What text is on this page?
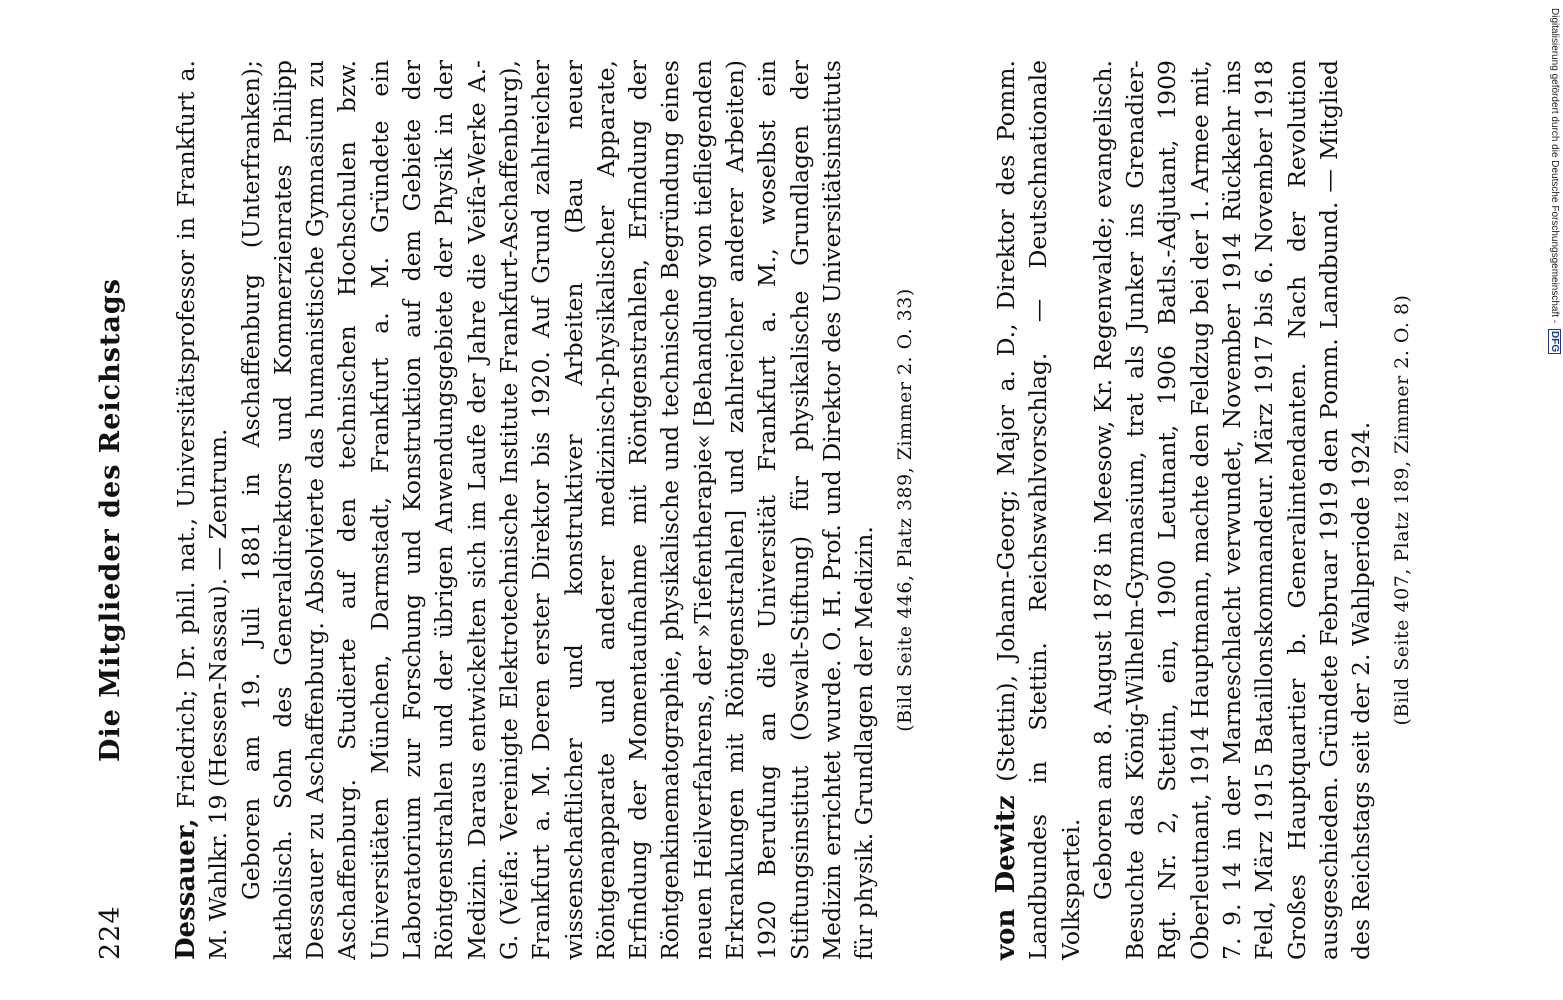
224
Die Mitglieder des Reichstags

Dessauer, Friedrich; Dr. phil. nat., Universitätsprofessor in Frankfurt a. M. Wahlkr. 19 (Hessen-Nassau). — Zentrum. Geboren am 19. Juli 1881 in Aschaffenburg (Unterfranken); katholisch. Sohn des Generaldirektors und Kommerzienrates Philipp Dessauer zu Aschaffenburg. Absolvierte das humanistische Gymnasium zu Aschaffenburg. Studierte auf den technischen Hochschulen bzw. Universitäten München, Darmstadt, Frankfurt a. M. Gründete ein Laboratorium zur Forschung und Konstruktion auf dem Gebiete der Röntgenstrahlen und der übrigen Anwendungsgebiete der Physik in der Medizin. Daraus entwickelten sich im Laufe der Jahre die Veifa-Werke A.-G. (Veifa: Vereinigte Elektrotechnische Institute Frankfurt-Aschaffenburg), Frankfurt a. M. Deren erster Direktor bis 1920. Auf Grund zahlreicher wissenschaftlicher und konstruktiver Arbeiten (Bau neuer Röntgenapparate und anderer medizinisch-physikalischer Apparate, Erfindung der Momentaufnahme mit Röntgenstrahlen, Erfindung der Röntgenkinematographie, physikalische und technische Begründung eines neuen Heilverfahrens, der »Tiefentherapie« [Behandlung von tiefliegenden Erkrankungen mit Röntgenstrahlen] und zahlreicher anderer Arbeiten) 1920 Berufung an die Universität Frankfurt a. M., woselbst ein Stiftungsinstitut (Oswalt-Stiftung) für physikalische Grundlagen der Medizin errichtet wurde. O. H. Prof. und Direktor des Universitätsinstituts für physik. Grundlagen der Medizin.

(Bild Seite 446, Platz 389, Zimmer 2. O. 33)

von Dewitz (Stettin), Johann-Georg; Major a. D., Direktor des Pomm. Landbundes in Stettin. Reichswahlvorschlag. — Deutschnationale Volkspartei. Geboren am 8. August 1878 in Meesow, Kr. Regenwalde; evangelisch. Besuchte das König-Wilhelm-Gymnasium, trat als Junker ins Grenadier-Rgt. Nr. 2, Stettin, ein, 1900 Leutnant, 1906 Batls.-Adjutant, 1909 Oberleutnant, 1914 Hauptmann, machte den Feldzug bei der 1. Armee mit, 7. 9. 14 in der Marneschlacht verwundet, November 1914 Rückkehr ins Feld, März 1915 Bataillonskommandeur. März 1917 bis 6. November 1918 Großes Hauptquartier b. Generalintendanten. Nach der Revolution ausgeschieden. Gründete Februar 1919 den Pomm. Landbund. — Mitglied des Reichstags seit der 2. Wahlperiode 1924. (Bild Seite 407, Platz 189, Zimmer 2. O. 8)

Digitalisierung gefördert durch die Deutsche Forschungsgemeinschaft - DFG
